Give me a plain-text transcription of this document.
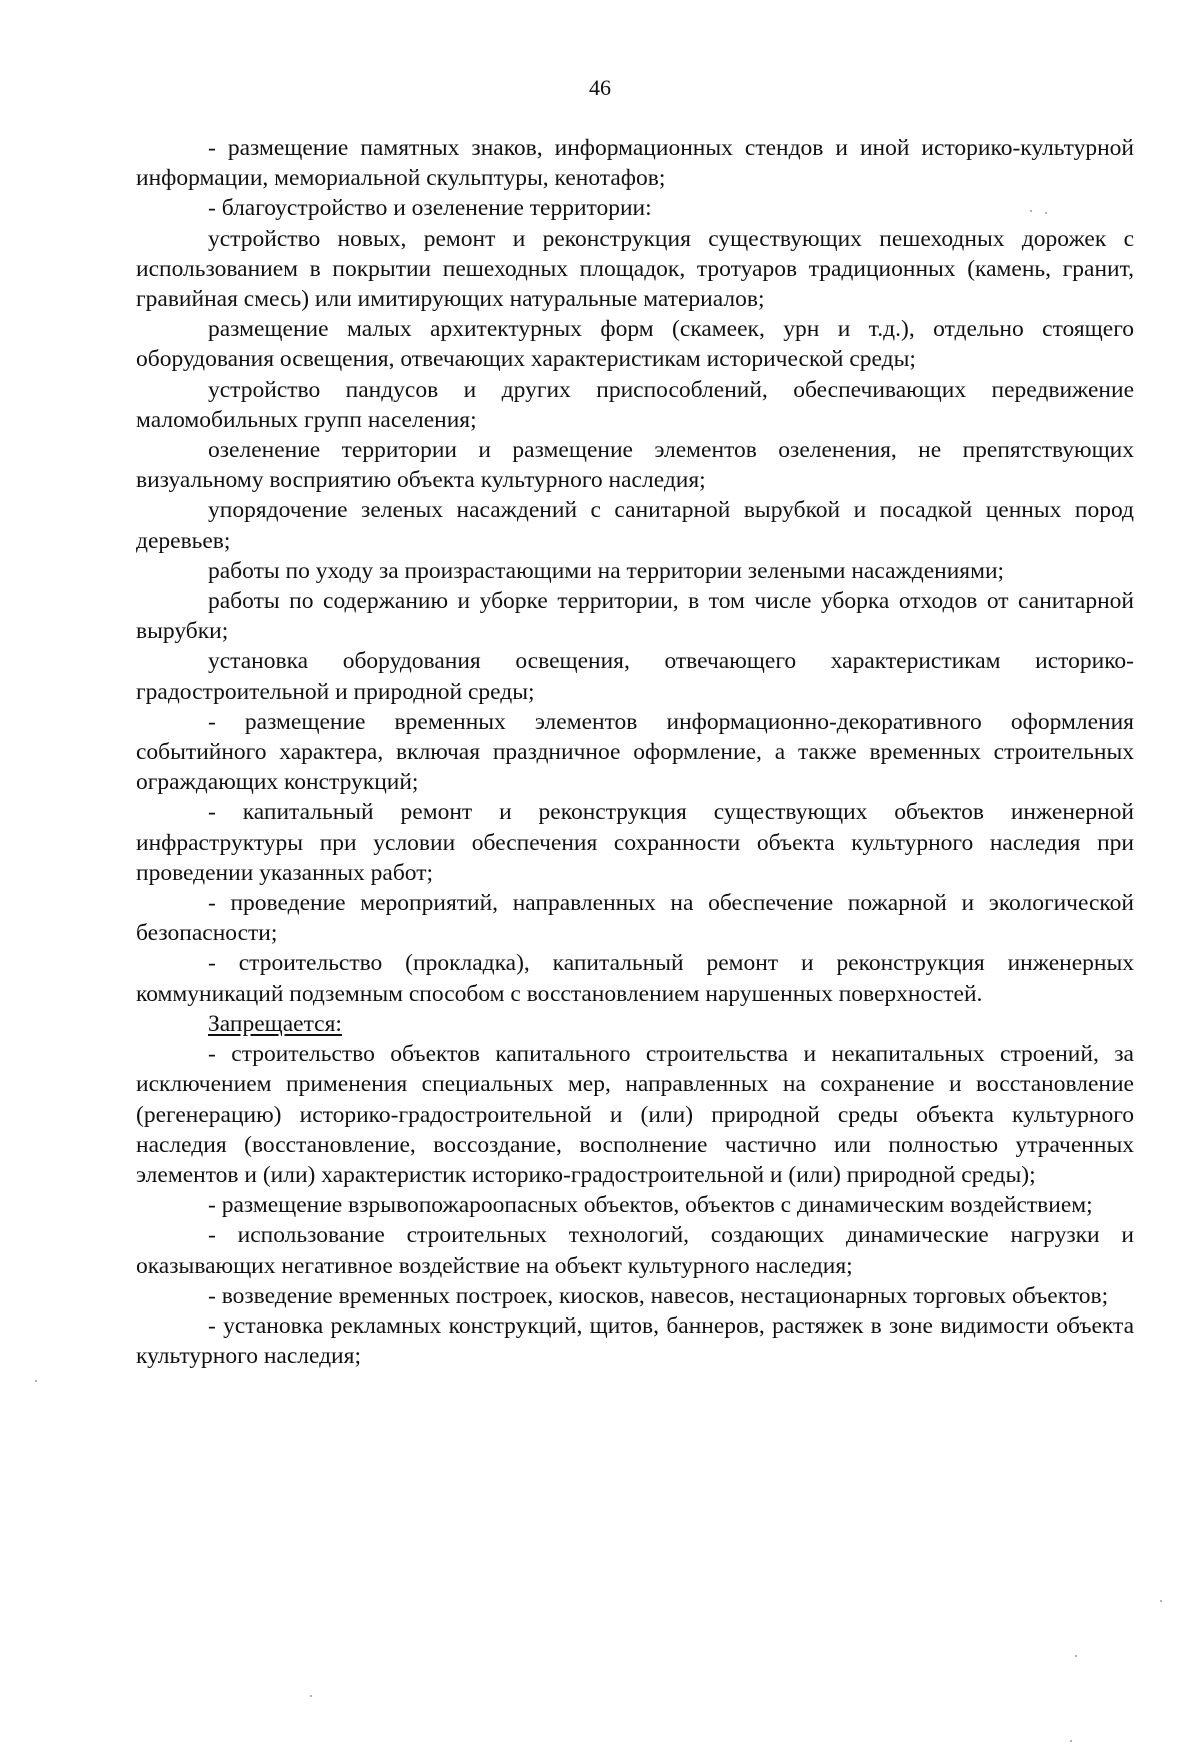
46

- размещение памятных знаков, информационных стендов и иной историко-культурной информации, мемориальной скульптуры, кенотафов;

- благоустройство и озеленение территории:

устройство новых, ремонт и реконструкция существующих пешеходных дорожек с использованием в покрытии пешеходных площадок, тротуаров традиционных (камень, гранит, гравийная смесь) или имитирующих натуральные материалов;

размещение малых архитектурных форм (скамеек, урн и т.д.), отдельно стоящего оборудования освещения, отвечающих характеристикам исторической среды;

устройство пандусов и других приспособлений, обеспечивающих передвижение маломобильных групп населения;

озеленение территории и размещение элементов озеленения, не препятствующих визуальному восприятию объекта культурного наследия;

упорядочение зеленых насаждений с санитарной вырубкой и посадкой ценных пород деревьев;

работы по уходу за произрастающими на территории зелеными насаждениями;

работы по содержанию и уборке территории, в том числе уборка отходов от санитарной вырубки;

установка оборудования освещения, отвечающего характеристикам историко-градостроительной и природной среды;

- размещение временных элементов информационно-декоративного оформления событийного характера, включая праздничное оформление, а также временных строительных ограждающих конструкций;

- капитальный ремонт и реконструкция существующих объектов инженерной инфраструктуры при условии обеспечения сохранности объекта культурного наследия при проведении указанных работ;

- проведение мероприятий, направленных на обеспечение пожарной и экологической безопасности;

- строительство (прокладка), капитальный ремонт и реконструкция инженерных коммуникаций подземным способом с восстановлением нарушенных поверхностей.

Запрещается:

- строительство объектов капитального строительства и некапитальных строений, за исключением применения специальных мер, направленных на сохранение и восстановление (регенерацию) историко-градостроительной и (или) природной среды объекта культурного наследия (восстановление, воссоздание, восполнение частично или полностью утраченных элементов и (или) характеристик историко-градостроительной и (или) природной среды);

- размещение взрывопожароопасных объектов, объектов с динамическим воздействием;

- использование строительных технологий, создающих динамические нагрузки и оказывающих негативное воздействие на объект культурного наследия;

- возведение временных построек, киосков, навесов, нестационарных торговых объектов;

- установка рекламных конструкций, щитов, баннеров, растяжек в зоне видимости объекта культурного наследия;
